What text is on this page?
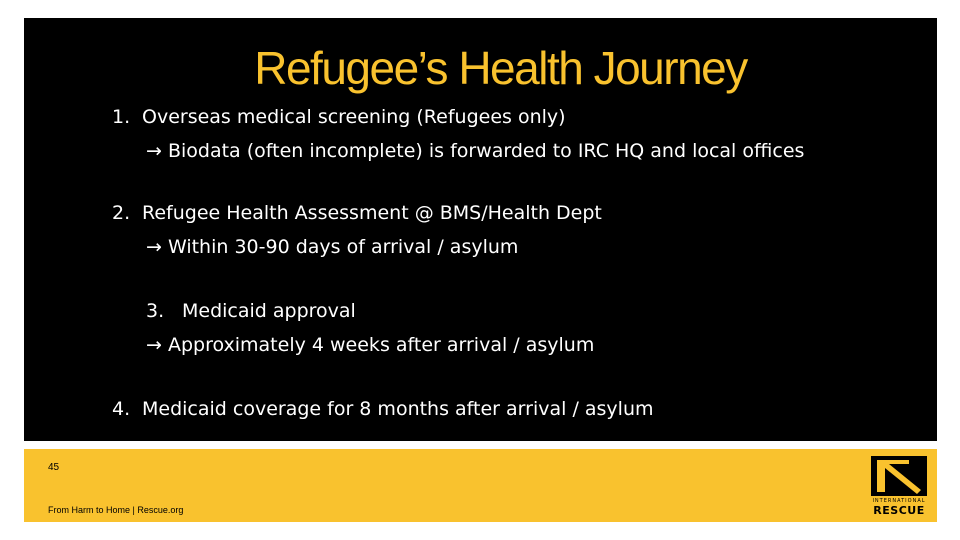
Refugee’s Health Journey
1. Overseas medical screening (Refugees only)
→ Biodata (often incomplete) is forwarded to IRC HQ and local offices
2. Refugee Health Assessment @ BMS/Health Dept
→ Within 30-90 days of arrival / asylum
3. Medicaid approval
→ Approximately 4 weeks after arrival / asylum
4. Medicaid coverage for 8 months after arrival / asylum
45
From Harm to Home | Rescue.org
INTERNATIONAL
RESCUE
